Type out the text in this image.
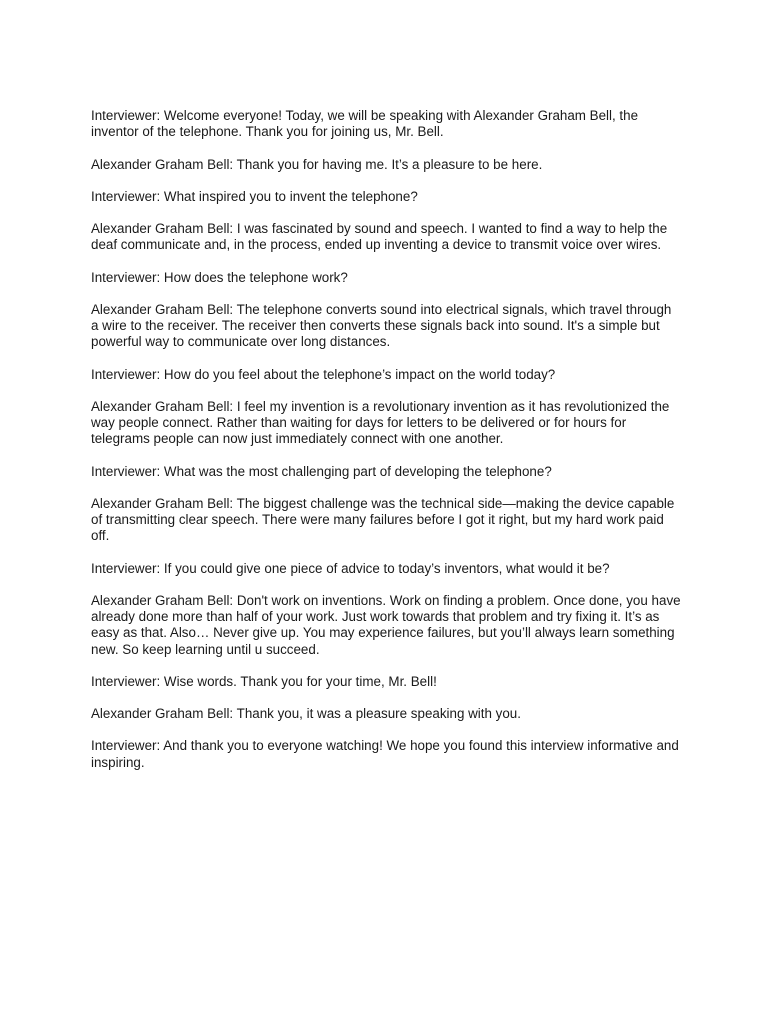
Interviewer: Welcome everyone! Today, we will be speaking with Alexander Graham Bell, the inventor of the telephone. Thank you for joining us, Mr. Bell.

Alexander Graham Bell: Thank you for having me. It’s a pleasure to be here.

Interviewer: What inspired you to invent the telephone?

Alexander Graham Bell: I was fascinated by sound and speech. I wanted to find a way to help the deaf communicate and, in the process, ended up inventing a device to transmit voice over wires.

Interviewer: How does the telephone work?

Alexander Graham Bell: The telephone converts sound into electrical signals, which travel through a wire to the receiver. The receiver then converts these signals back into sound. It's a simple but powerful way to communicate over long distances.

Interviewer: How do you feel about the telephone’s impact on the world today?

Alexander Graham Bell: I feel my invention is a revolutionary invention as it has revolutionized the way people connect. Rather than waiting for days for letters to be delivered or for hours for telegrams people can now just immediately connect with one another.

Interviewer: What was the most challenging part of developing the telephone?

Alexander Graham Bell: The biggest challenge was the technical side—making the device capable of transmitting clear speech. There were many failures before I got it right, but my hard work paid off.

Interviewer: If you could give one piece of advice to today’s inventors, what would it be?

Alexander Graham Bell: Don't work on inventions. Work on finding a problem. Once done, you have already done more than half of your work. Just work towards that problem and try fixing it. It’s as easy as that. Also… Never give up. You may experience failures, but you’ll always learn something new. So keep learning until u succeed.

Interviewer: Wise words. Thank you for your time, Mr. Bell!

Alexander Graham Bell: Thank you, it was a pleasure speaking with you.

Interviewer: And thank you to everyone watching! We hope you found this interview informative and inspiring.
